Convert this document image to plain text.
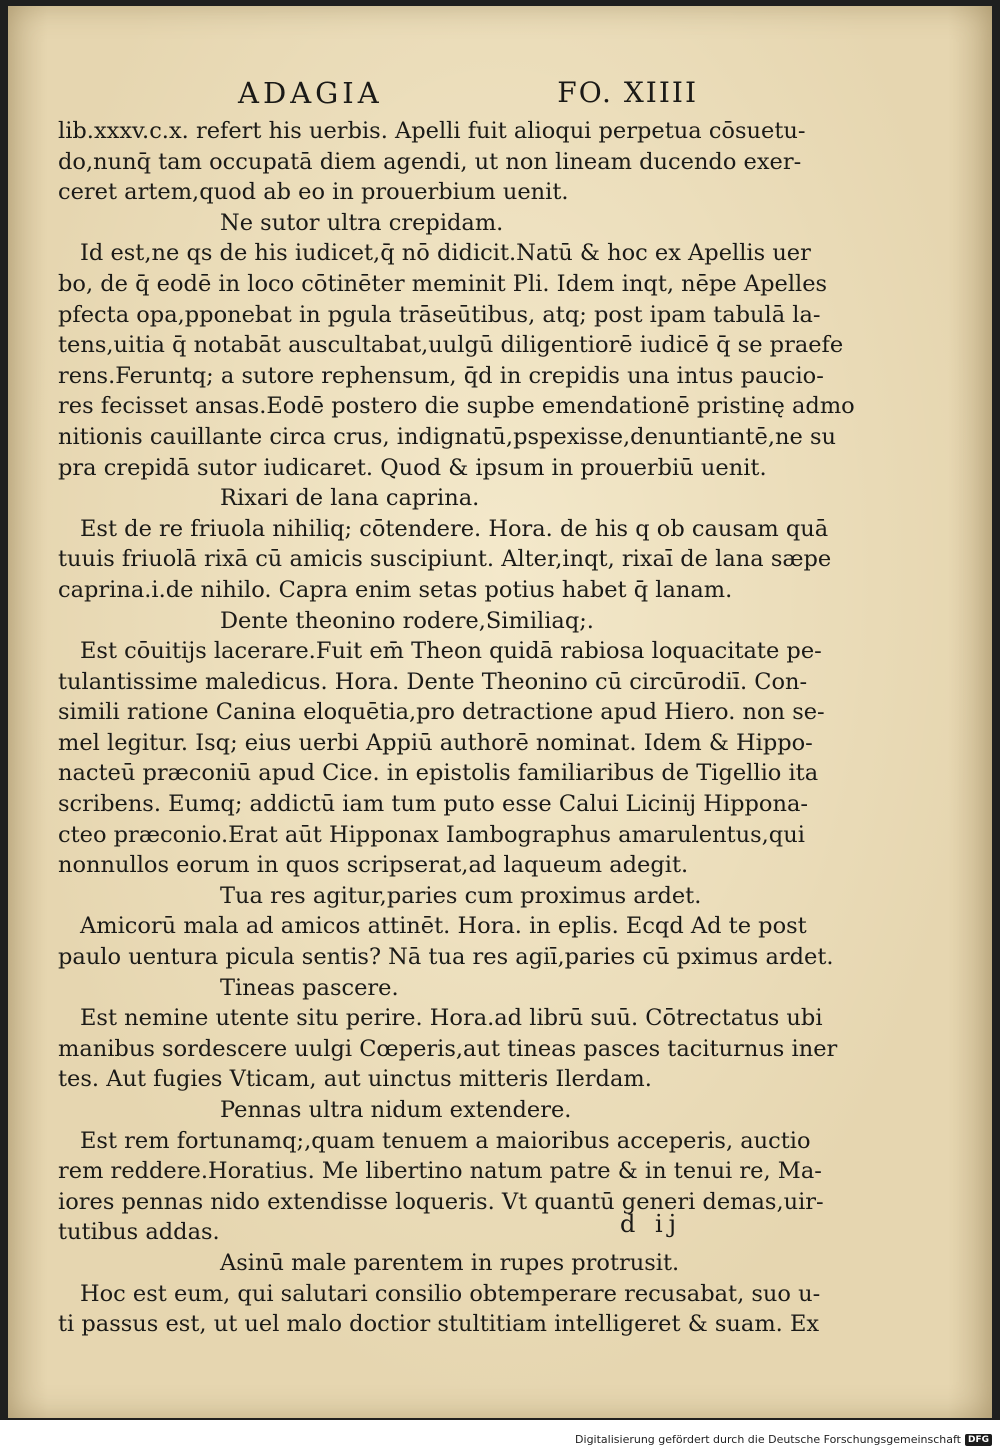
ADAGIA	FO. XIIII
lib.xxxv.c.x. refert his uerbis. Apelli fuit alioqui perpetua cōsuetu-
do,nunq̄ tam occupatā diem agendi, ut non lineam ducendo exer-
ceret artem,quod ab eo in prouerbium uenit.
Ne sutor ultra crepidam.
Id est,ne qs de his iudicet,q̄ nō didicit.Natū & hoc ex Apellis uer
bo, de q̄ eodē in loco cōtinēter meminit Pli. Idem inqt, nēpe Apelles
pfecta opa,pponebat in pgula trāseūtibus, atq; post ipam tabulā la-
tens,uitia q̄ notabāt auscultabat,uulgū diligentiorē iudicē q̄ se praefe
rens.Feruntq; a sutore rephensum, q̄d in crepidis una intus paucio-
res fecisset ansas.Eodē postero die supbe emendationē pristinę admo
nitionis cauillante circa crus, indignatū,pspexisse,denuntiantē,ne su
pra crepidā sutor iudicaret. Quod & ipsum in prouerbiū uenit.
Rixari de lana caprina.
Est de re friuola nihiliq; cōtendere. Hora. de his q ob causam quā
tuuis friuolā rixā cū amicis suscipiunt. Alter,inqt, rixaī de lana sæpe
caprina.i.de nihilo. Capra enim setas potius habet q̄ lanam.
Dente theonino rodere,Similiaq;.
Est cōuitijs lacerare.Fuit em̄ Theon quidā rabiosa loquacitate pe-
tulantissime maledicus. Hora. Dente Theonino cū circūrodiī. Con-
simili ratione Canina eloquētia,pro detractione apud Hiero. non se-
mel legitur. Isq; eius uerbi Appiū authorē nominat. Idem & Hippo-
nacteū præconiū apud Cice. in epistolis familiaribus de Tigellio ita
scribens. Eumq; addictū iam tum puto esse Calui Licinij Hippona-
cteo præconio.Erat aūt Hipponax Iambographus amarulentus,qui
nonnullos eorum in quos scripserat,ad laqueum adegit.
Tua res agitur,paries cum proximus ardet.
Amicorū mala ad amicos attinēt. Hora. in eplis. Ecqd Ad te post
paulo uentura picula sentis? Nā tua res agiī,paries cū pximus ardet.
Tineas pascere.
Est nemine utente situ perire. Hora.ad librū suū. Cōtrectatus ubi
manibus sordescere uulgi Cœperis,aut tineas pasces taciturnus iner
tes. Aut fugies Vticam, aut uinctus mitteris Ilerdam.
Pennas ultra nidum extendere.
Est rem fortunamq;,quam tenuem a maioribus acceperis, auctio
rem reddere.Horatius. Me libertino natum patre & in tenui re, Ma-
iores pennas nido extendisse loqueris. Vt quantū generi demas,uir-
tutibus addas.
Asinū male parentem in rupes protrusit.
Hoc est eum, qui salutari consilio obtemperare recusabat, suo u-
ti passus est, ut uel malo doctior stultitiam intelligeret & suam. Ex
d ij
Digitalisierung gefördert durch die Deutsche Forschungsgemeinschaft DFG
